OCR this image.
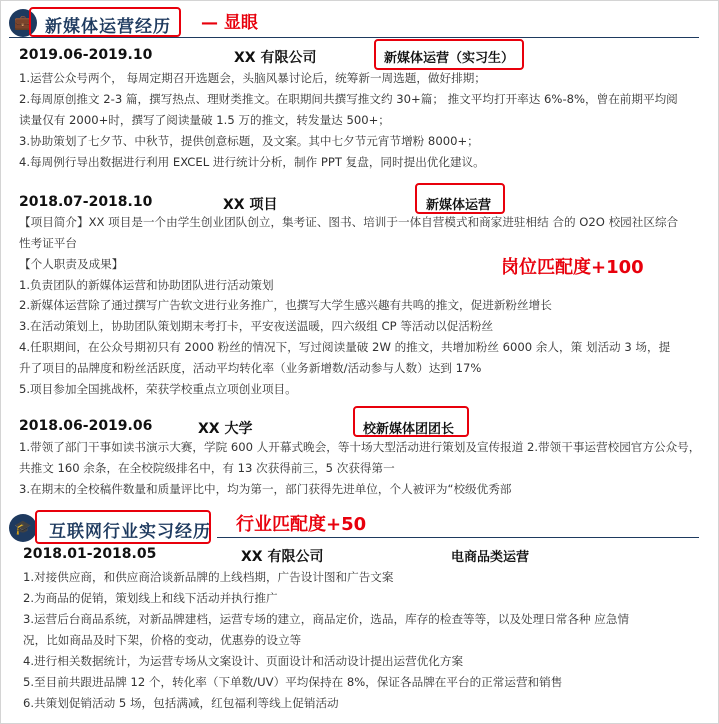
💼 新媒体运营经历 — 显眼
2019.06-2019.10	XX 有限公司	新媒体运营（实习生）
1.运营公众号两个， 每周定期召开选题会，头脑风暴讨论后，统筹新一周选题，做好排期；
2.每周原创推文 2-3 篇，撰写热点、理财类推文。在职期间共撰写推文约 30+篇； 推文平均打开率达 6%-8%，曾在前期平均阅
读量仅有 2000+时，撰写了阅读量破 1.5 万的推文，转发量达 500+；
3.协助策划了七夕节、中秋节，提供创意标题，及文案。其中七夕节元宵节增粉 8000+；
4.每周例行导出数据进行利用 EXCEL 进行统计分析，制作 PPT 复盘，同时提出优化建议。
2018.07-2018.10	XX 项目	新媒体运营
【项目简介】XX 项目是一个由学生创业团队创立，集考证、图书、培训于一体自营模式和商家进驻相结 合的 O2O 校园社区综合
性考证平台
【个人职责及成果】
1.负责团队的新媒体运营和协助团队进行活动策划
2.新媒体运营除了通过撰写广告软文进行业务推广，也撰写大学生感兴趣有共鸣的推文，促进新粉丝增长
3.在活动策划上，协助团队策划期末考打卡，平安夜送温暖，四六级组 CP 等活动以促活粉丝
4.任职期间，在公众号期初只有 2000 粉丝的情况下，写过阅读量破 2W 的推文，共增加粉丝 6000 余人，策 划活动 3 场，提
升了项目的品牌度和粉丝活跃度，活动平均转化率（业务新增数/活动参与人数）达到 17%
5.项目参加全国挑战杯，荣获学校重点立项创业项目。
岗位匹配度+100
2018.06-2019.06	XX 大学	校新媒体团团长
1.带领了部门干事如读书演示大赛，学院 600 人开幕式晚会，等十场大型活动进行策划及宣传报道 2.带领干事运营校园官方公众号，
共推文 160 余条，在全校院级排名中，有 13 次获得前三，5 次获得第一
3.在期末的全校稿件数量和质量评比中，均为第一，部门获得先进单位，个人被评为“校级优秀部
🎓	互联网行业实习经历 行业匹配度+50
2018.01-2018.05	XX 有限公司	电商品类运营
1.对接供应商，和供应商洽谈新品牌的上线档期，广告设计图和广告文案
2.为商品的促销，策划线上和线下活动并执行推广
3.运营后台商品系统，对新品牌建档，运营专场的建立，商品定价，选品，库存的检查等等，以及处理日常各种 应急情
况，比如商品及时下架，价格的变动，优惠券的设立等
4.进行相关数据统计，为运营专场从文案设计、页面设计和活动设计提出运营优化方案
5.至目前共跟进品牌 12 个，转化率（下单数/UV）平均保持在 8%，保证各品牌在平台的正常运营和销售
6.共策划促销活动 5 场，包括满减，红包福利等线上促销活动
